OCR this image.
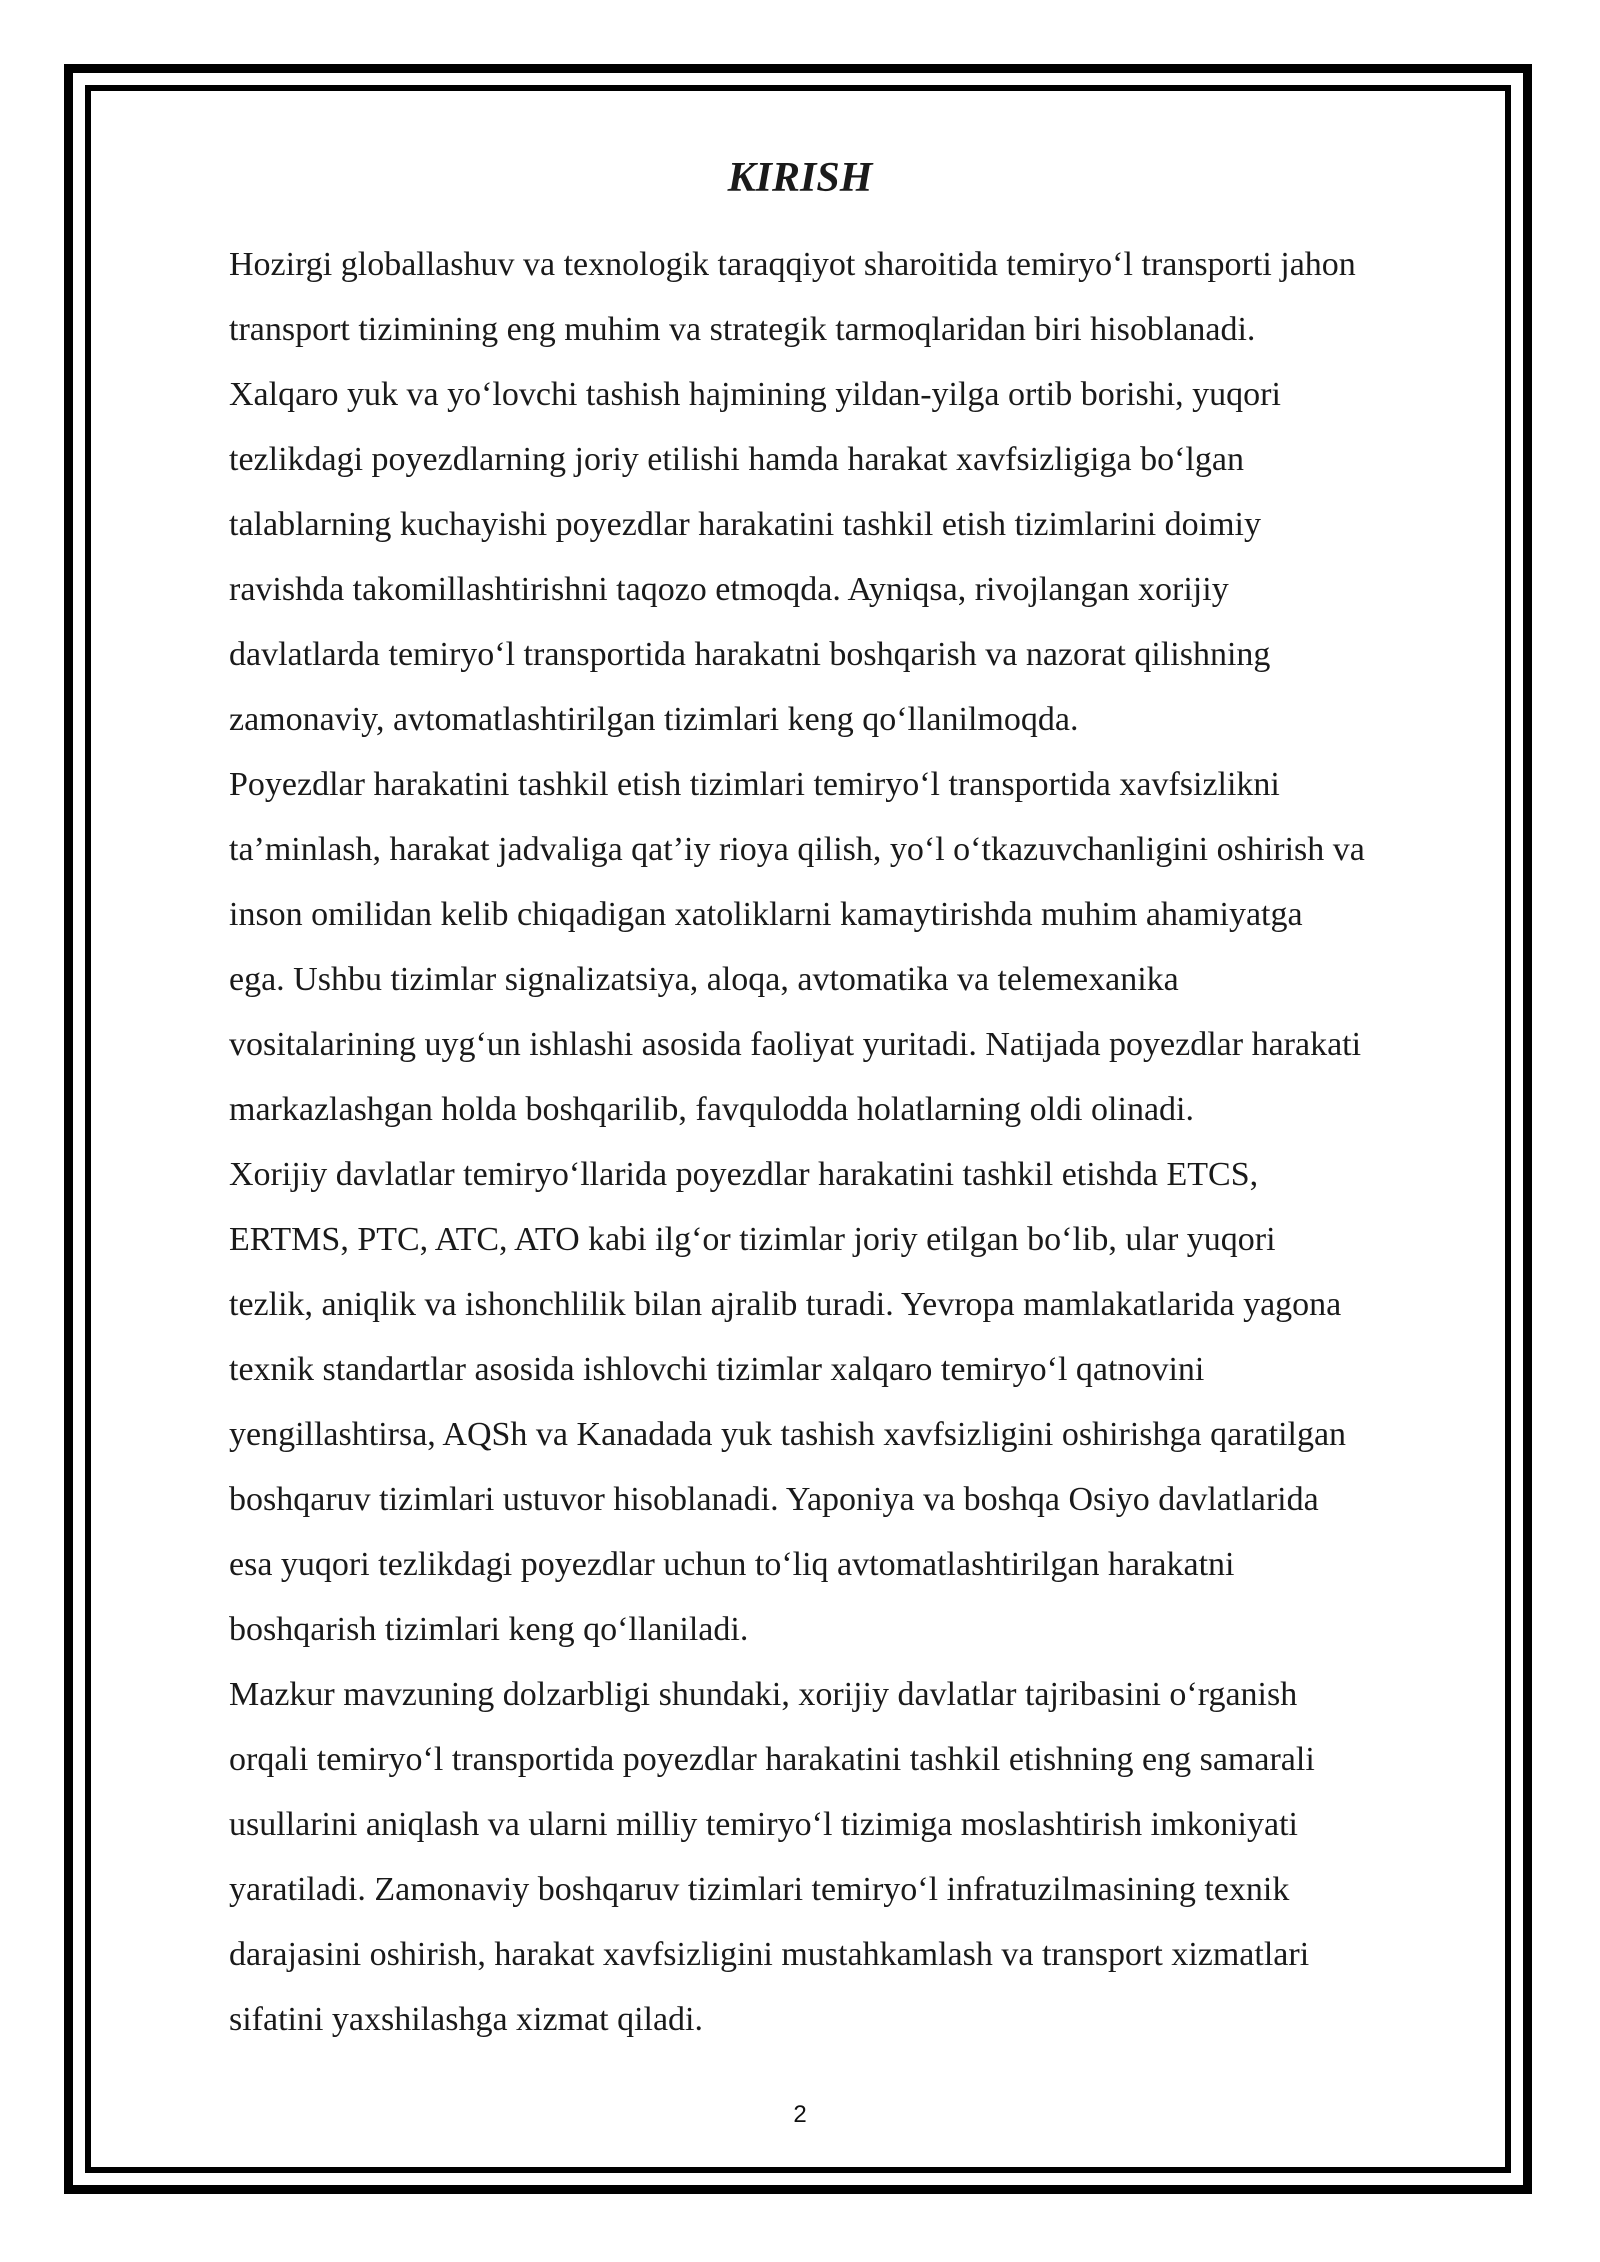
KIRISH

Hozirgi globallashuv va texnologik taraqqiyot sharoitida temiryo‘l transporti jahon

transport tizimining eng muhim va strategik tarmoqlaridan biri hisoblanadi.

Xalqaro yuk va yo‘lovchi tashish hajmining yildan-yilga ortib borishi, yuqori

tezlikdagi poyezdlarning joriy etilishi hamda harakat xavfsizligiga bo‘lgan

talablarning kuchayishi poyezdlar harakatini tashkil etish tizimlarini doimiy

ravishda takomillashtirishni taqozo etmoqda. Ayniqsa, rivojlangan xorijiy

davlatlarda temiryo‘l transportida harakatni boshqarish va nazorat qilishning

zamonaviy, avtomatlashtirilgan tizimlari keng qo‘llanilmoqda.

Poyezdlar harakatini tashkil etish tizimlari temiryo‘l transportida xavfsizlikni

ta’minlash, harakat jadvaliga qat’iy rioya qilish, yo‘l o‘tkazuvchanligini oshirish va

inson omilidan kelib chiqadigan xatoliklarni kamaytirishda muhim ahamiyatga

ega. Ushbu tizimlar signalizatsiya, aloqa, avtomatika va telemexanika

vositalarining uyg‘un ishlashi asosida faoliyat yuritadi. Natijada poyezdlar harakati

markazlashgan holda boshqarilib, favqulodda holatlarning oldi olinadi.

Xorijiy davlatlar temiryo‘llarida poyezdlar harakatini tashkil etishda ETCS,

ERTMS, PTC, ATC, ATO kabi ilg‘or tizimlar joriy etilgan bo‘lib, ular yuqori

tezlik, aniqlik va ishonchlilik bilan ajralib turadi. Yevropa mamlakatlarida yagona

texnik standartlar asosida ishlovchi tizimlar xalqaro temiryo‘l qatnovini

yengillashtirsa, AQSh va Kanadada yuk tashish xavfsizligini oshirishga qaratilgan

boshqaruv tizimlari ustuvor hisoblanadi. Yaponiya va boshqa Osiyo davlatlarida

esa yuqori tezlikdagi poyezdlar uchun to‘liq avtomatlashtirilgan harakatni

boshqarish tizimlari keng qo‘llaniladi.

Mazkur mavzuning dolzarbligi shundaki, xorijiy davlatlar tajribasini o‘rganish

orqali temiryo‘l transportida poyezdlar harakatini tashkil etishning eng samarali

usullarini aniqlash va ularni milliy temiryo‘l tizimiga moslashtirish imkoniyati

yaratiladi. Zamonaviy boshqaruv tizimlari temiryo‘l infratuzilmasining texnik

darajasini oshirish, harakat xavfsizligini mustahkamlash va transport xizmatlari

sifatini yaxshilashga xizmat qiladi.

2
